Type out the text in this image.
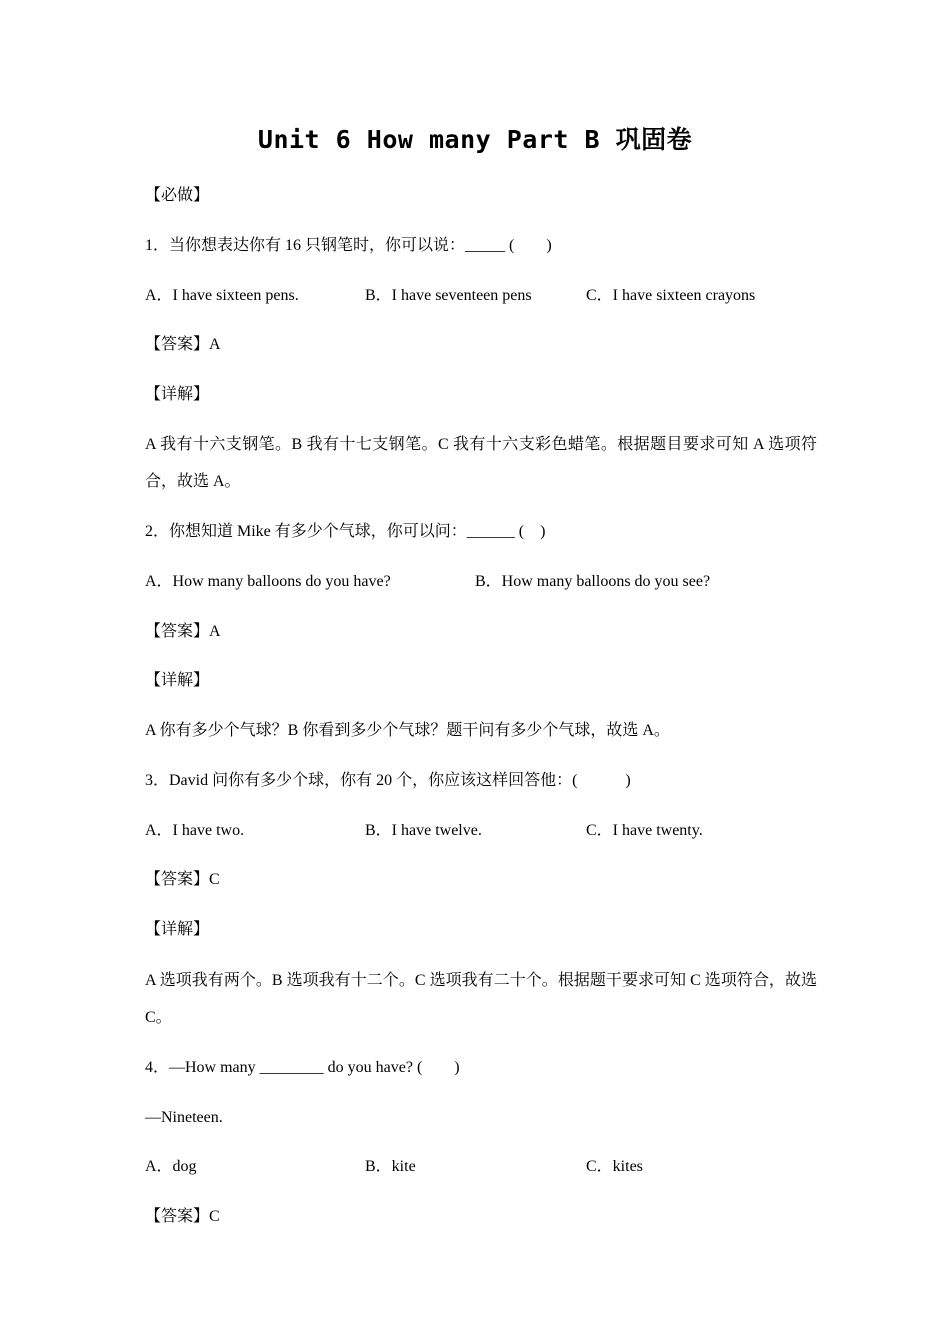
Unit 6 How many Part B 巩固卷
【必做】
1．当你想表达你有 16 只钢笔时，你可以说：_____ (　　)
A．I have sixteen pens.	B．I have seventeen pens	C．I have sixteen crayons
【答案】A
【详解】
A 我有十六支钢笔。B 我有十七支钢笔。C 我有十六支彩色蜡笔。根据题目要求可知 A 选项符合，故选 A。
2．你想知道 Mike 有多少个气球，你可以问：______ (　)
A．How many balloons do you have?	B．How many balloons do you see?
【答案】A
【详解】
A 你有多少个气球？B 你看到多少个气球？题干问有多少个气球，故选 A。
3．David 问你有多少个球，你有 20 个，你应该这样回答他：(　　　)
A．I have two.	B．I have twelve.	C．I have twenty.
【答案】C
【详解】
A 选项我有两个。B 选项我有十二个。C 选项我有二十个。根据题干要求可知 C 选项符合，故选 C。
4．—How many ________ do you have? (　　)
—Nineteen.
A．dog	B．kite	C．kites
【答案】C
